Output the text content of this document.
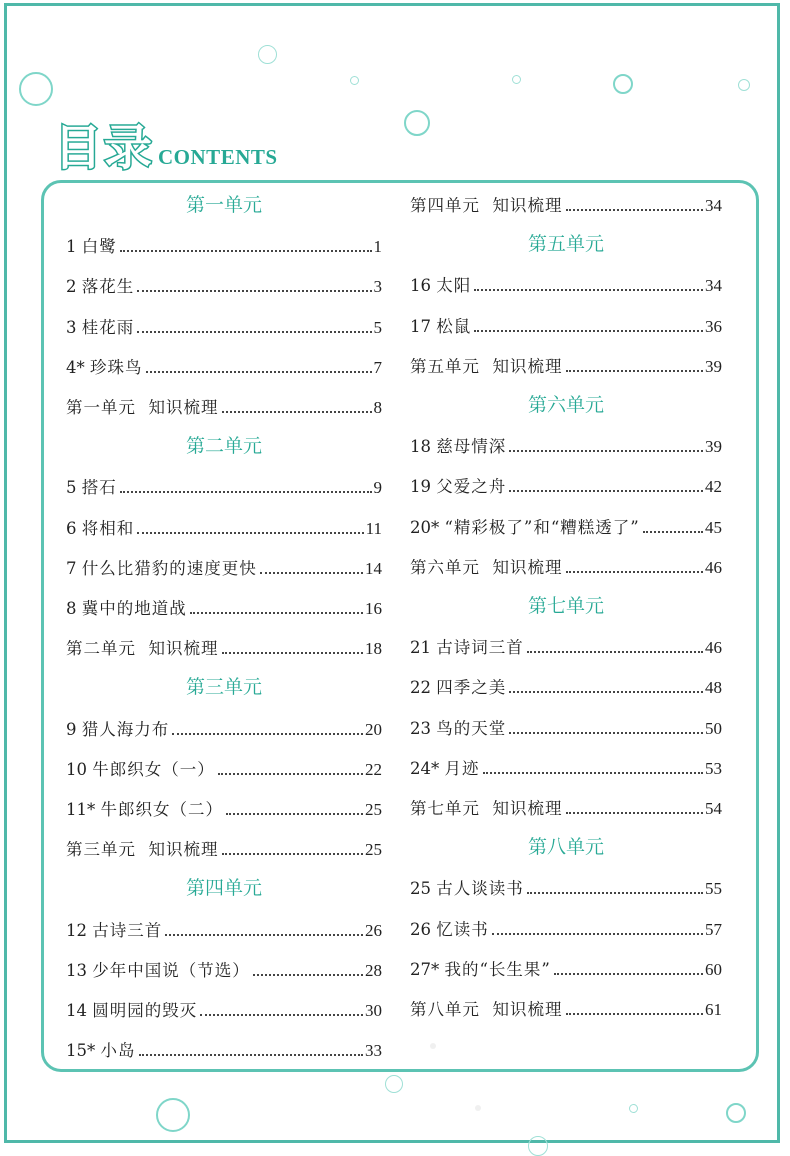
目录 CONTENTS
第一单元
1 白鹭	1
2 落花生	3
3 桂花雨	5
4* 珍珠鸟	7
第一单元  知识梳理	8
第二单元
5 搭石	9
6 将相和	11
7 什么比猎豹的速度更快	14
8 冀中的地道战	16
第二单元  知识梳理	18
第三单元
9 猎人海力布	20
10 牛郎织女（一）	22
11* 牛郎织女（二）	25
第三单元  知识梳理	25
第四单元
12 古诗三首	26
13 少年中国说（节选）	28
14 圆明园的毁灭	30
15* 小岛	33
第四单元  知识梳理	34
第五单元
16 太阳	34
17 松鼠	36
第五单元  知识梳理	39
第六单元
18 慈母情深	39
19 父爱之舟	42
20* “精彩极了”和“糟糕透了”	45
第六单元  知识梳理	46
第七单元
21 古诗词三首	46
22 四季之美	48
23 鸟的天堂	50
24* 月迹	53
第七单元  知识梳理	54
第八单元
25 古人谈读书	55
26 忆读书	57
27* 我的“长生果”	60
第八单元  知识梳理	61
